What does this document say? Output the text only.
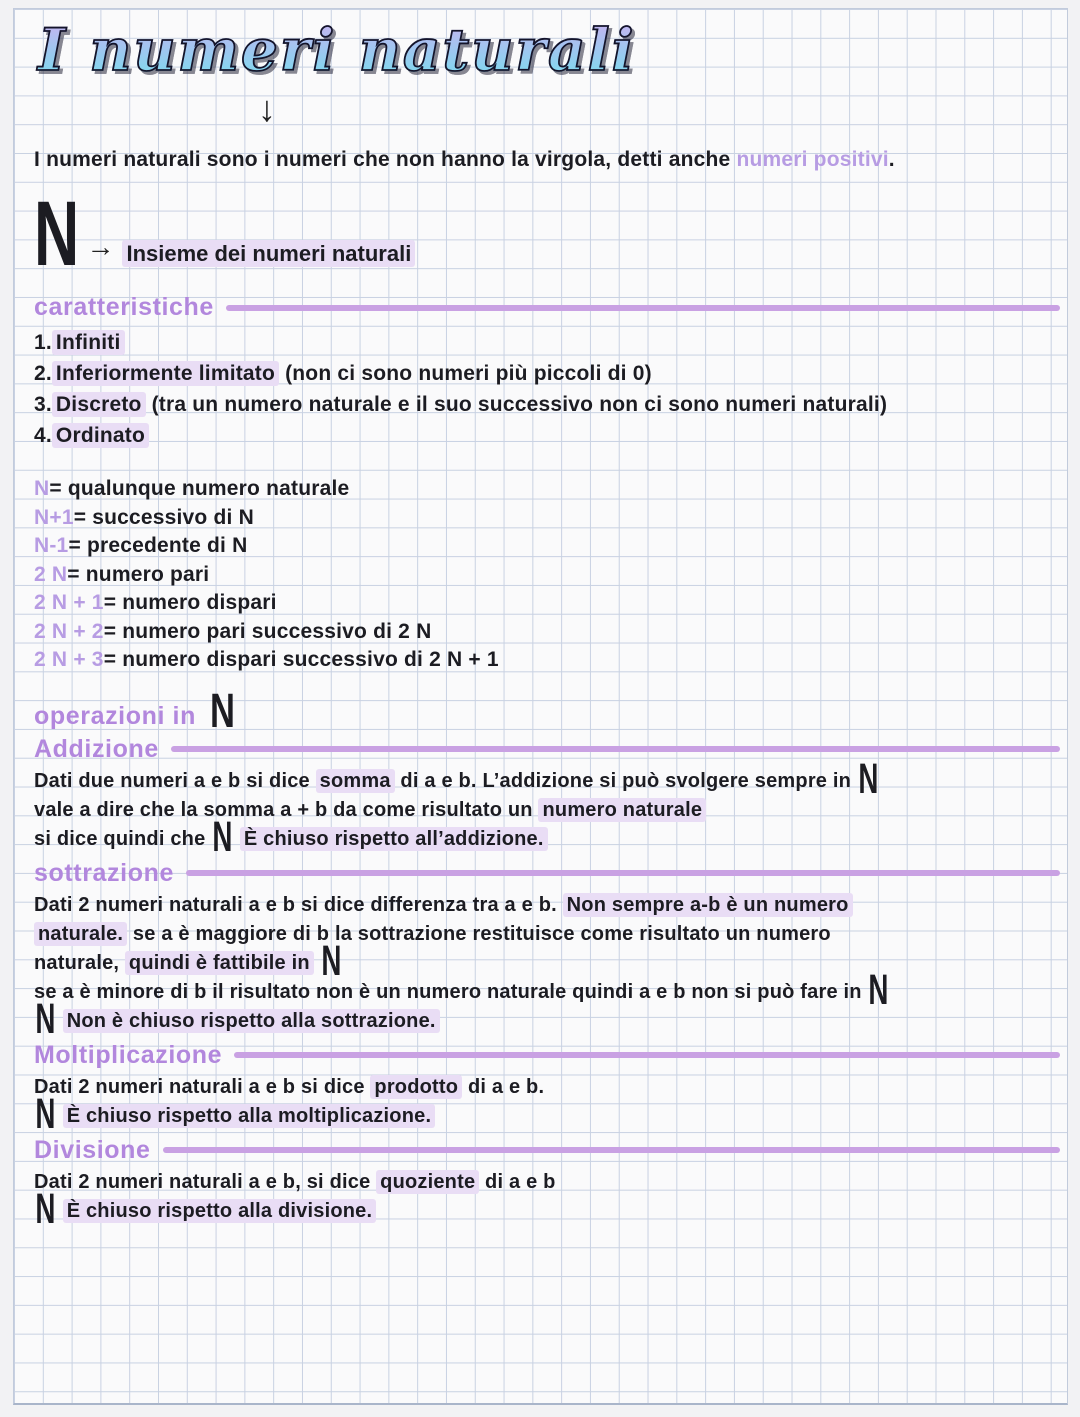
I numeri naturali
↓
I numeri naturali sono i numeri che non hanno la virgola, detti anche numeri positivi.
N → Insieme dei numeri naturali
caratteristiche
1. Infiniti
2. Inferiormente limitato (non ci sono numeri più piccoli di 0)
3. Discreto (tra un numero naturale e il suo successivo non ci sono numeri naturali)
4. Ordinato
N= qualunque numero naturale
N+1= successivo di N
N-1= precedente di N
2 N= numero pari
2 N + 1= numero dispari
2 N + 2= numero pari successivo di 2 N
2 N + 3= numero dispari successivo di 2 N + 1
operazioni in N
Addizione
Dati due numeri a e b si dice somma di a e b. L’addizione si può svolgere sempre in N
vale a dire che la somma a + b da come risultato un numero naturale
si dice quindi che N È chiuso rispetto all’addizione.
sottrazione
Dati 2 numeri naturali a e b si dice differenza tra a e b. Non sempre a-b è un numero
naturale. se a è maggiore di b la sottrazione restituisce come risultato un numero
naturale, quindi è fattibile in N
se a è minore di b il risultato non è un numero naturale quindi a e b non si può fare in N
N Non è chiuso rispetto alla sottrazione.
Moltiplicazione
Dati 2 numeri naturali a e b si dice prodotto di a e b.
N È chiuso rispetto alla moltiplicazione.
Divisione
Dati 2 numeri naturali a e b, si dice quoziente di a e b
N È chiuso rispetto alla divisione.
